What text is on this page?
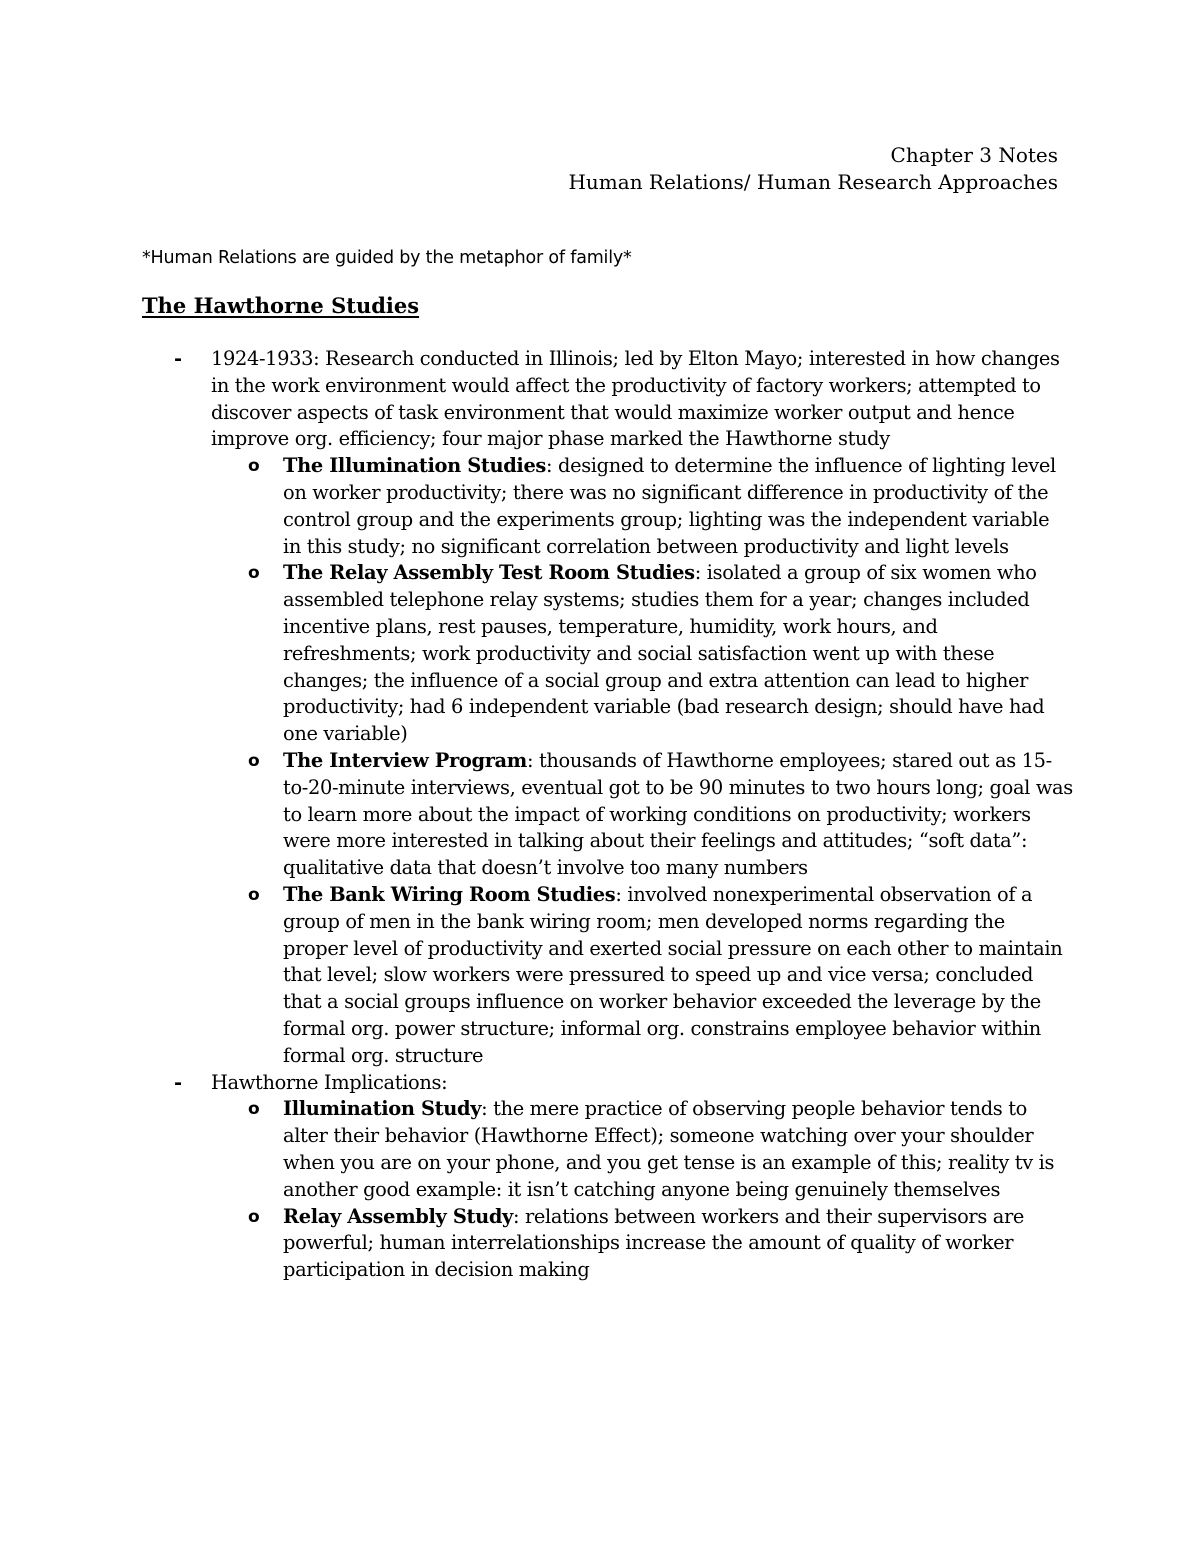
Chapter 3 Notes
Human Relations/ Human Research Approaches
*Human Relations are guided by the metaphor of family*
The Hawthorne Studies
- 1924-1933: Research conducted in Illinois; led by Elton Mayo; interested in how changes in the work environment would affect the productivity of factory workers; attempted to discover aspects of task environment that would maximize worker output and hence improve org. efficiency; four major phase marked the Hawthorne study
o The Illumination Studies: designed to determine the influence of lighting level on worker productivity; there was no significant difference in productivity of the control group and the experiments group; lighting was the independent variable in this study; no significant correlation between productivity and light levels
o The Relay Assembly Test Room Studies: isolated a group of six women who assembled telephone relay systems; studies them for a year; changes included incentive plans, rest pauses, temperature, humidity, work hours, and refreshments; work productivity and social satisfaction went up with these changes; the influence of a social group and extra attention can lead to higher productivity; had 6 independent variable (bad research design; should have had one variable)
o The Interview Program: thousands of Hawthorne employees; stared out as 15-to-20-minute interviews, eventual got to be 90 minutes to two hours long; goal was to learn more about the impact of working conditions on productivity; workers were more interested in talking about their feelings and attitudes; “soft data”: qualitative data that doesn’t involve too many numbers
o The Bank Wiring Room Studies: involved nonexperimental observation of a group of men in the bank wiring room; men developed norms regarding the proper level of productivity and exerted social pressure on each other to maintain that level; slow workers were pressured to speed up and vice versa; concluded that a social groups influence on worker behavior exceeded the leverage by the formal org. power structure; informal org. constrains employee behavior within formal org. structure
- Hawthorne Implications:
o Illumination Study: the mere practice of observing people behavior tends to alter their behavior (Hawthorne Effect); someone watching over your shoulder when you are on your phone, and you get tense is an example of this; reality tv is another good example: it isn’t catching anyone being genuinely themselves
o Relay Assembly Study: relations between workers and their supervisors are powerful; human interrelationships increase the amount of quality of worker participation in decision making
